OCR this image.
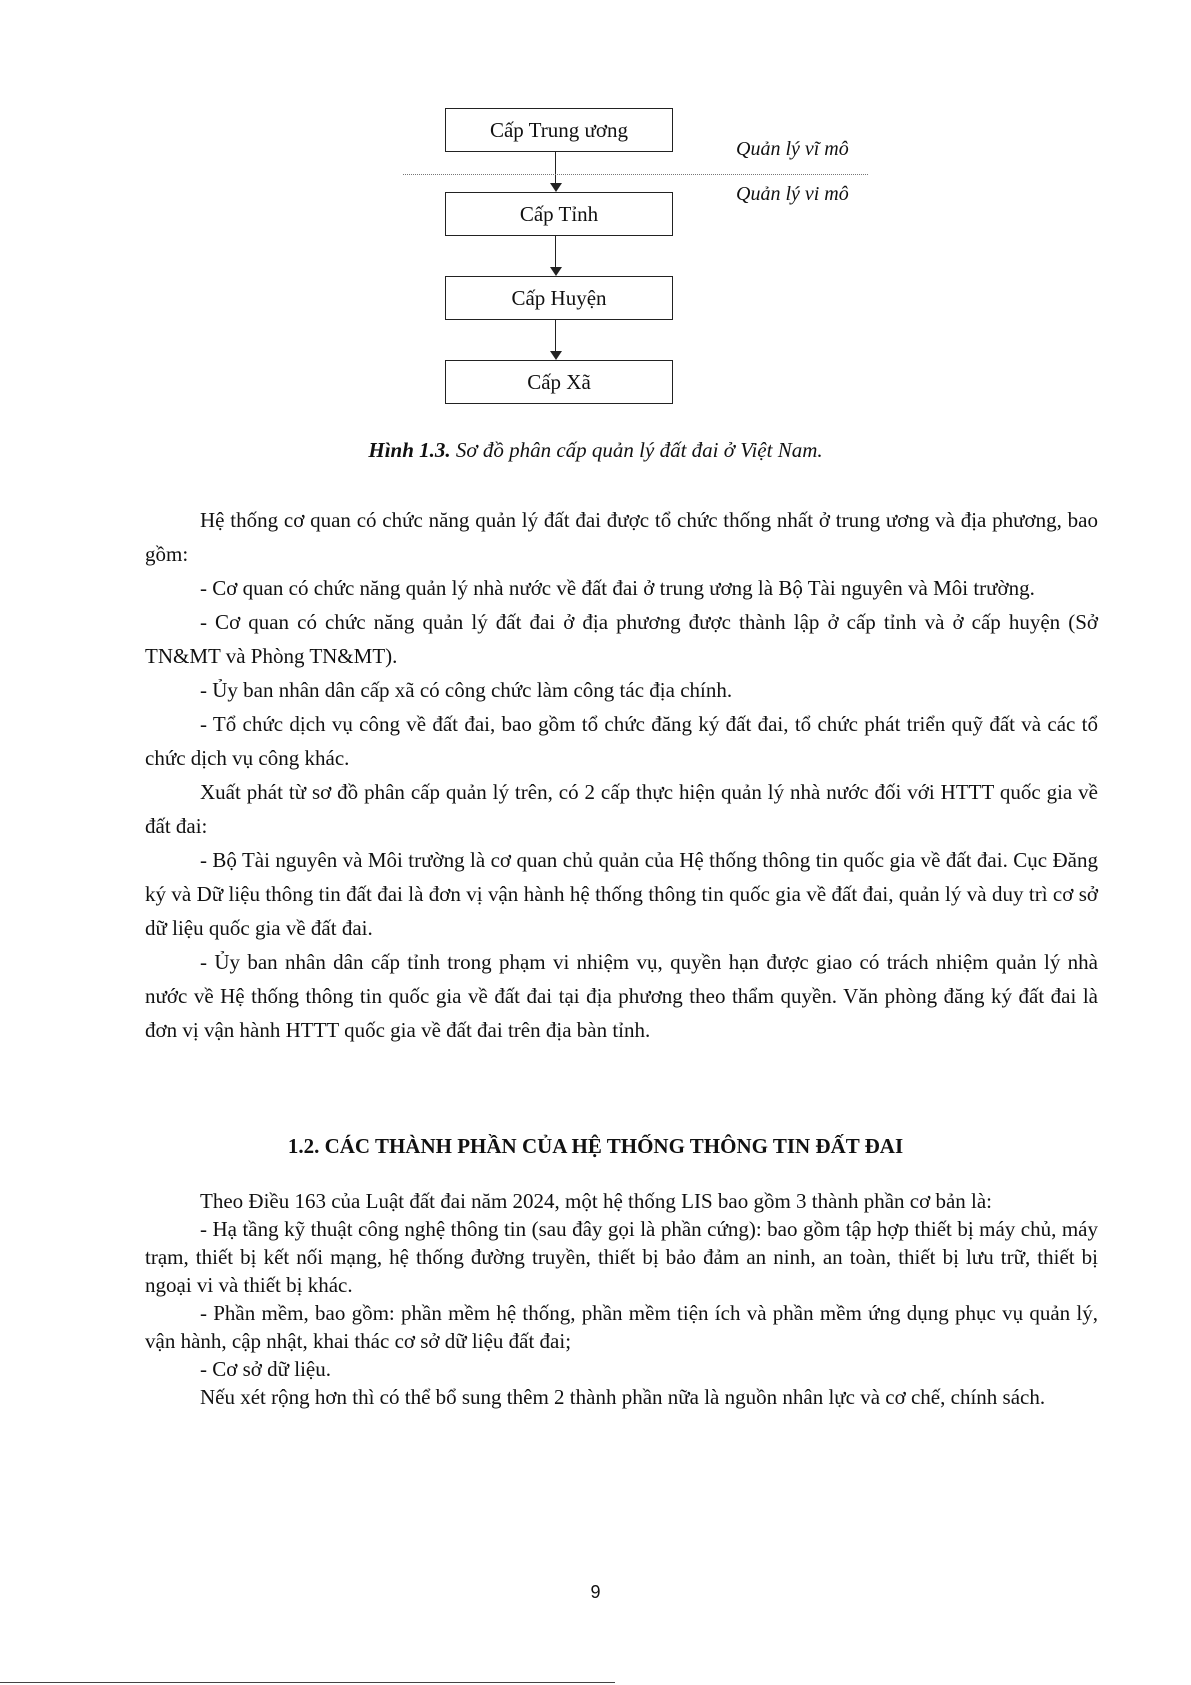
Cấp Trung ương
Cấp Tỉnh
Cấp Huyện
Cấp Xã
Quản lý vĩ mô
Quản lý vi mô
Hình 1.3. Sơ đồ phân cấp quản lý đất đai ở Việt Nam.

Hệ thống cơ quan có chức năng quản lý đất đai được tổ chức thống nhất ở trung ương và địa phương, bao gồm:

- Cơ quan có chức năng quản lý nhà nước về đất đai ở trung ương là Bộ Tài nguyên và Môi trường.

- Cơ quan có chức năng quản lý đất đai ở địa phương được thành lập ở cấp tỉnh và ở cấp huyện (Sở TN&MT và Phòng TN&MT).

- Ủy ban nhân dân cấp xã có công chức làm công tác địa chính.

- Tổ chức dịch vụ công về đất đai, bao gồm tổ chức đăng ký đất đai, tổ chức phát triển quỹ đất và các tổ chức dịch vụ công khác.

Xuất phát từ sơ đồ phân cấp quản lý trên, có 2 cấp thực hiện quản lý nhà nước đối với HTTT quốc gia về đất đai:

- Bộ Tài nguyên và Môi trường là cơ quan chủ quản của Hệ thống thông tin quốc gia về đất đai. Cục Đăng ký và Dữ liệu thông tin đất đai là đơn vị vận hành hệ thống thông tin quốc gia về đất đai, quản lý và duy trì cơ sở dữ liệu quốc gia về đất đai.

- Ủy ban nhân dân cấp tỉnh trong phạm vi nhiệm vụ, quyền hạn được giao có trách nhiệm quản lý nhà nước về Hệ thống thông tin quốc gia về đất đai tại địa phương theo thẩm quyền. Văn phòng đăng ký đất đai là đơn vị vận hành HTTT quốc gia về đất đai trên địa bàn tỉnh.

1.2. CÁC THÀNH PHẦN CỦA HỆ THỐNG THÔNG TIN ĐẤT ĐAI

Theo Điều 163 của Luật đất đai năm 2024, một hệ thống LIS bao gồm 3 thành phần cơ bản là:

- Hạ tầng kỹ thuật công nghệ thông tin (sau đây gọi là phần cứng): bao gồm tập hợp thiết bị máy chủ, máy trạm, thiết bị kết nối mạng, hệ thống đường truyền, thiết bị bảo đảm an ninh, an toàn, thiết bị lưu trữ, thiết bị ngoại vi và thiết bị khác.

- Phần mềm, bao gồm: phần mềm hệ thống, phần mềm tiện ích và phần mềm ứng dụng phục vụ quản lý, vận hành, cập nhật, khai thác cơ sở dữ liệu đất đai;

- Cơ sở dữ liệu.

Nếu xét rộng hơn thì có thể bổ sung thêm 2 thành phần nữa là nguồn nhân lực và cơ chế, chính sách.

9
